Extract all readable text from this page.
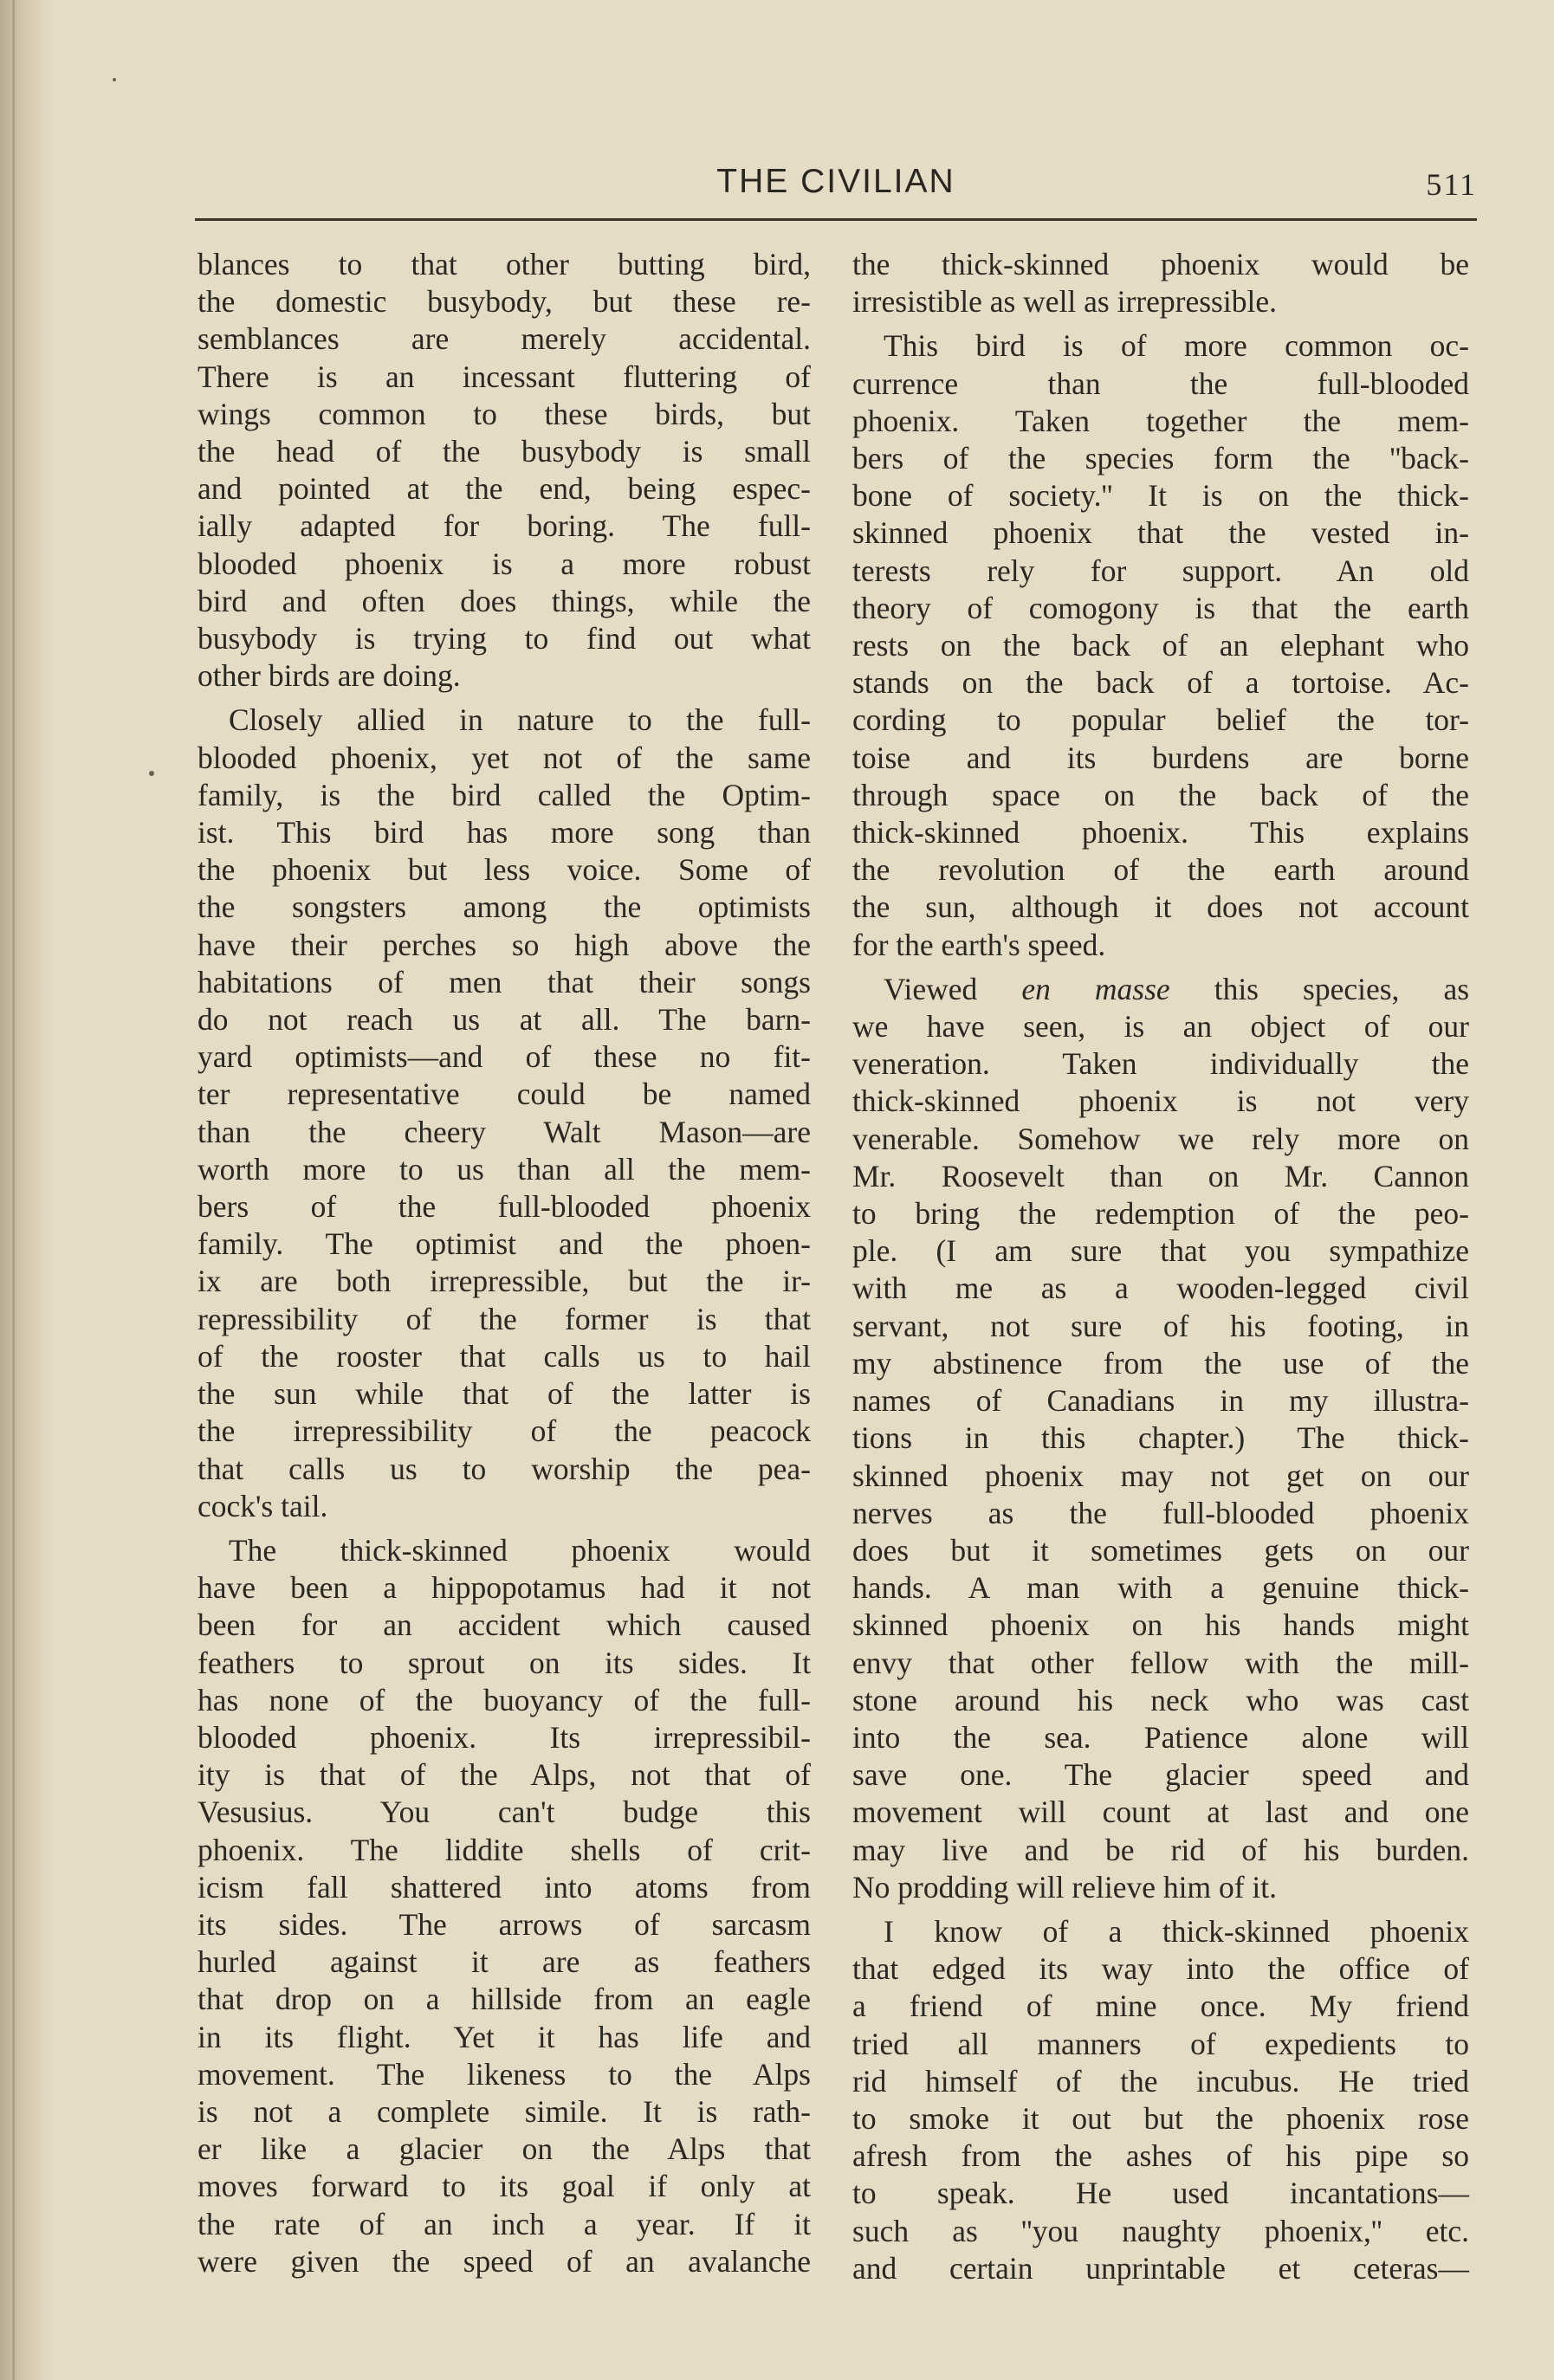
THE CIVILIAN	511

blances to that other butting bird,

the domestic busybody, but these re-

semblances are merely accidental.

There is an incessant fluttering of

wings common to these birds, but

the head of the busybody is small

and pointed at the end, being espec-

ially adapted for boring. The full-

blooded phoenix is a more robust

bird and often does things, while the

busybody is trying to find out what

other birds are doing.

Closely allied in nature to the full-

blooded phoenix, yet not of the same

family, is the bird called the Optim-

ist. This bird has more song than

the phoenix but less voice. Some of

the songsters among the optimists

have their perches so high above the

habitations of men that their songs

do not reach us at all. The barn-

yard optimists—and of these no fit-

ter representative could be named

than the cheery Walt Mason—are

worth more to us than all the mem-

bers of the full-blooded phoenix

family. The optimist and the phoen-

ix are both irrepressible, but the ir-

repressibility of the former is that

of the rooster that calls us to hail

the sun while that of the latter is

the irrepressibility of the peacock

that calls us to worship the pea-

cock's tail.

The thick-skinned phoenix would

have been a hippopotamus had it not

been for an accident which caused

feathers to sprout on its sides. It

has none of the buoyancy of the full-

blooded phoenix. Its irrepressibil-

ity is that of the Alps, not that of

Vesusius. You can't budge this

phoenix. The liddite shells of crit-

icism fall shattered into atoms from

its sides. The arrows of sarcasm

hurled against it are as feathers

that drop on a hillside from an eagle

in its flight. Yet it has life and

movement. The likeness to the Alps

is not a complete simile. It is rath-

er like a glacier on the Alps that

moves forward to its goal if only at

the rate of an inch a year. If it

were given the speed of an avalanche

the thick-skinned phoenix would be

irresistible as well as irrepressible.

This bird is of more common oc-

currence than the full-blooded

phoenix. Taken together the mem-

bers of the species form the ''back-

bone of society.'' It is on the thick-

skinned phoenix that the vested in-

terests rely for support. An old

theory of comogony is that the earth

rests on the back of an elephant who

stands on the back of a tortoise. Ac-

cording to popular belief the tor-

toise and its burdens are borne

through space on the back of the

thick-skinned phoenix. This explains

the revolution of the earth around

the sun, although it does not account

for the earth's speed.

Viewed en masse this species, as

we have seen, is an object of our

veneration. Taken individually the

thick-skinned phoenix is not very

venerable. Somehow we rely more on

Mr. Roosevelt than on Mr. Cannon

to bring the redemption of the peo-

ple. (I am sure that you sympathize

with me as a wooden-legged civil

servant, not sure of his footing, in

my abstinence from the use of the

names of Canadians in my illustra-

tions in this chapter.) The thick-

skinned phoenix may not get on our

nerves as the full-blooded phoenix

does but it sometimes gets on our

hands. A man with a genuine thick-

skinned phoenix on his hands might

envy that other fellow with the mill-

stone around his neck who was cast

into the sea. Patience alone will

save one. The glacier speed and

movement will count at last and one

may live and be rid of his burden.

No prodding will relieve him of it.

I know of a thick-skinned phoenix

that edged its way into the office of

a friend of mine once. My friend

tried all manners of expedients to

rid himself of the incubus. He tried

to smoke it out but the phoenix rose

afresh from the ashes of his pipe so

to speak. He used incantations—

such as ''you naughty phoenix,'' etc.

and certain unprintable et ceteras—
